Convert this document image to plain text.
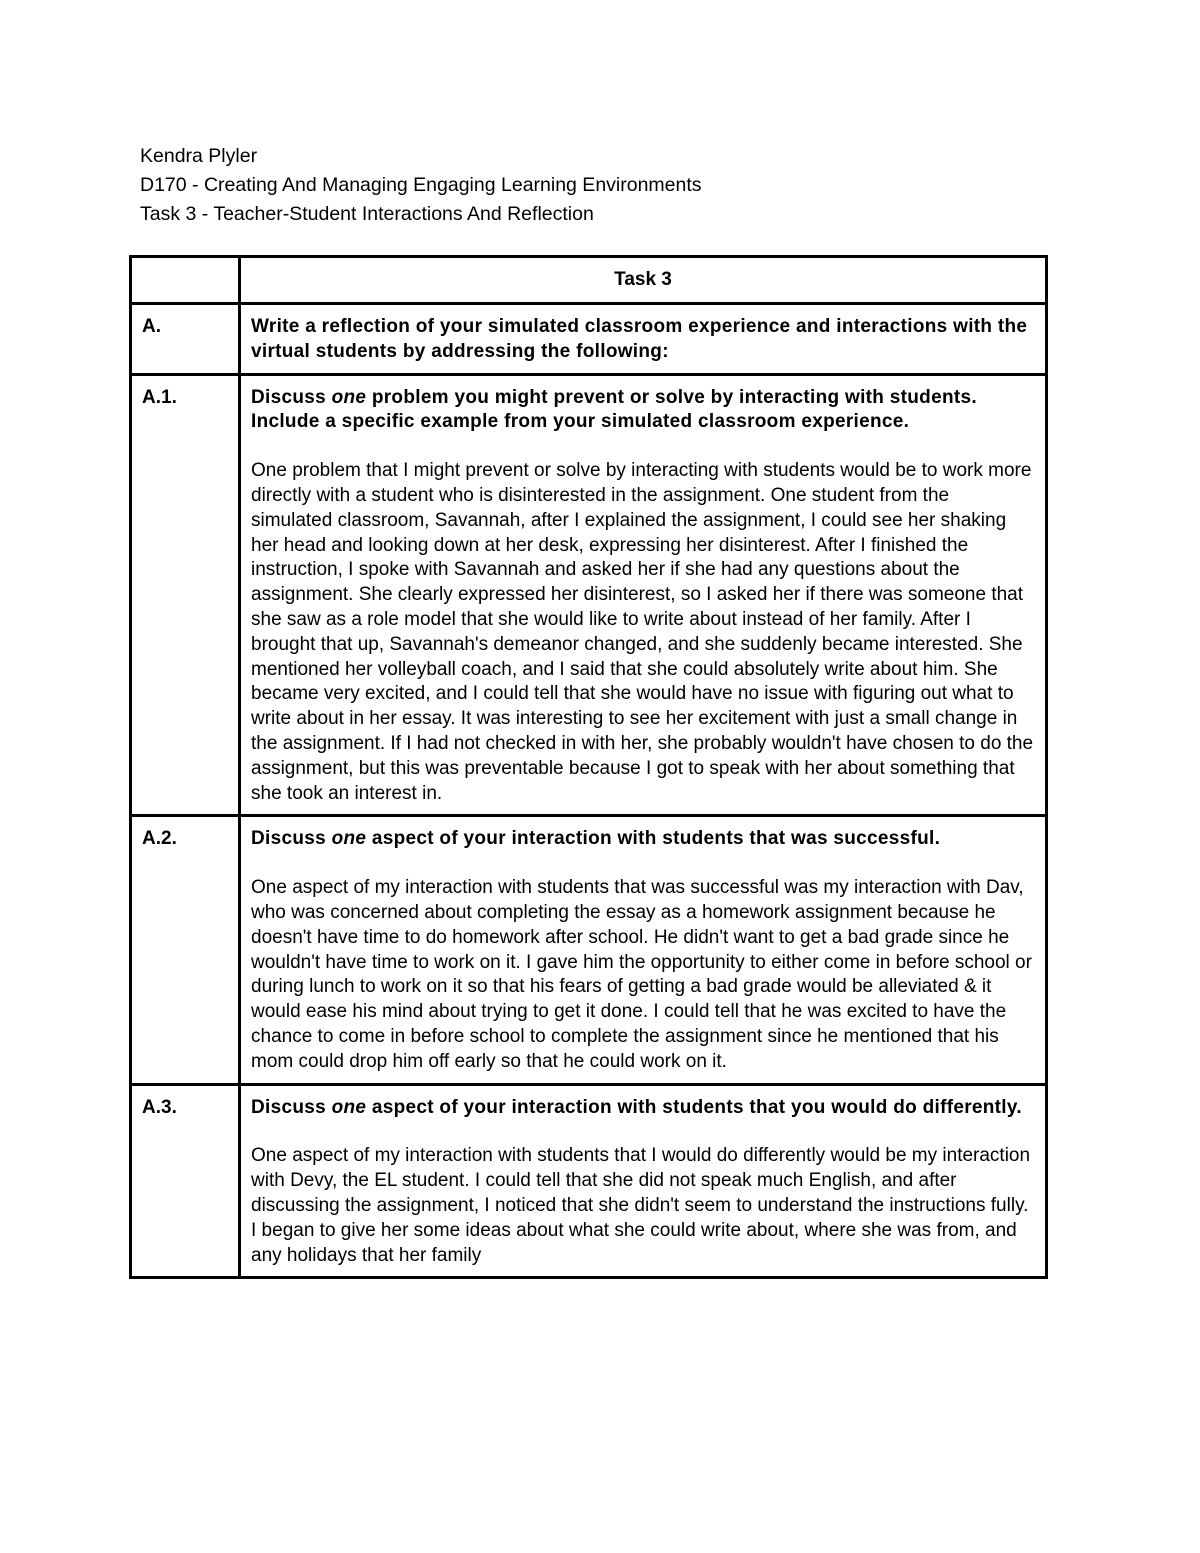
Kendra Plyler
D170 - Creating And Managing Engaging Learning Environments
Task 3 - Teacher-Student Interactions And Reflection
	Task 3
A.	Write a reflection of your simulated classroom experience and interactions with the virtual students by addressing the following:

A.1.	Discuss one problem you might prevent or solve by interacting with students. Include a specific example from your simulated classroom experience.
One problem that I might prevent or solve by interacting with students would be to work more directly with a student who is disinterested in the assignment. One student from the simulated classroom, Savannah, after I explained the assignment, I could see her shaking her head and looking down at her desk, expressing her disinterest. After I finished the instruction, I spoke with Savannah and asked her if she had any questions about the assignment. She clearly expressed her disinterest, so I asked her if there was someone that she saw as a role model that she would like to write about instead of her family. After I brought that up, Savannah's demeanor changed, and she suddenly became interested. She mentioned her volleyball coach, and I said that she could absolutely write about him. She became very excited, and I could tell that she would have no issue with figuring out what to write about in her essay. It was interesting to see her excitement with just a small change in the assignment. If I had not checked in with her, she probably wouldn't have chosen to do the assignment, but this was preventable because I got to speak with her about something that she took an interest in.

A.2.	Discuss one aspect of your interaction with students that was successful.
One aspect of my interaction with students that was successful was my interaction with Dav, who was concerned about completing the essay as a homework assignment because he doesn't have time to do homework after school. He didn't want to get a bad grade since he wouldn't have time to work on it. I gave him the opportunity to either come in before school or during lunch to work on it so that his fears of getting a bad grade would be alleviated & it would ease his mind about trying to get it done. I could tell that he was excited to have the chance to come in before school to complete the assignment since he mentioned that his mom could drop him off early so that he could work on it.

A.3.	Discuss one aspect of your interaction with students that you would do differently.
One aspect of my interaction with students that I would do differently would be my interaction with Devy, the EL student. I could tell that she did not speak much English, and after discussing the assignment, I noticed that she didn't seem to understand the instructions fully. I began to give her some ideas about what she could write about, where she was from, and any holidays that her family
